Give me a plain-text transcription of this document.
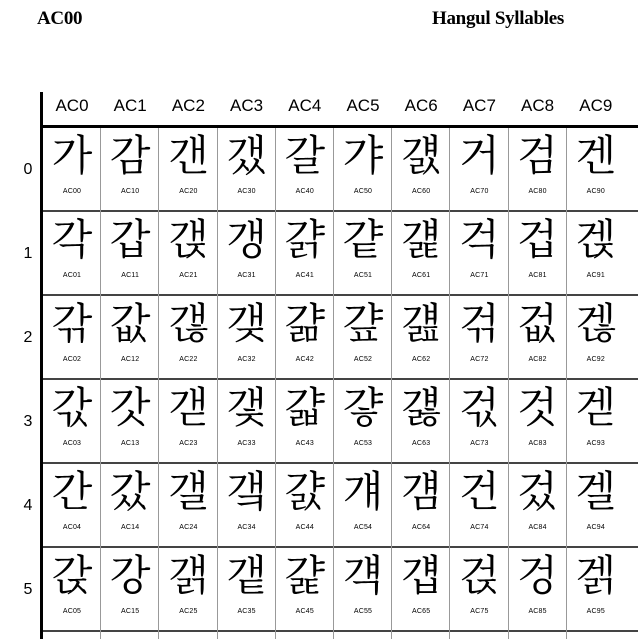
AC00	Hangul Syllables
AC0	AC1	AC2	AC3	AC4	AC5	AC6	AC7	AC8	AC9
0 가
AC00
감
AC10
갠
AC20
갰
AC30
갈
AC40
갸
AC50
걠
AC60
거
AC70
검
AC80
겐
AC90
1 각
AC01
갑
AC11
갡
AC21
갱
AC31
걁
AC41
걑
AC51
걡
AC61
걱
AC71
겁
AC81
겑
AC91
2 갂
AC02
값
AC12
갢
AC22
갲
AC32
걂
AC42
걒
AC52
걢
AC62
걲
AC72
겂
AC82
겒
AC92
3 갃
AC03
갓
AC13
갣
AC23
갳
AC33
걃
AC43
걓
AC53
걣
AC63
걳
AC73
것
AC83
겓
AC93
4 간
AC04
갔
AC14
갤
AC24
갴
AC34
걄
AC44
걔
AC54
걤
AC64
건
AC74
겄
AC84
겔
AC94
5 갅
AC05
강
AC15
갥
AC25
갵
AC35
걅
AC45
걕
AC55
걥
AC65
걵
AC75
겅
AC85
겕
AC95
